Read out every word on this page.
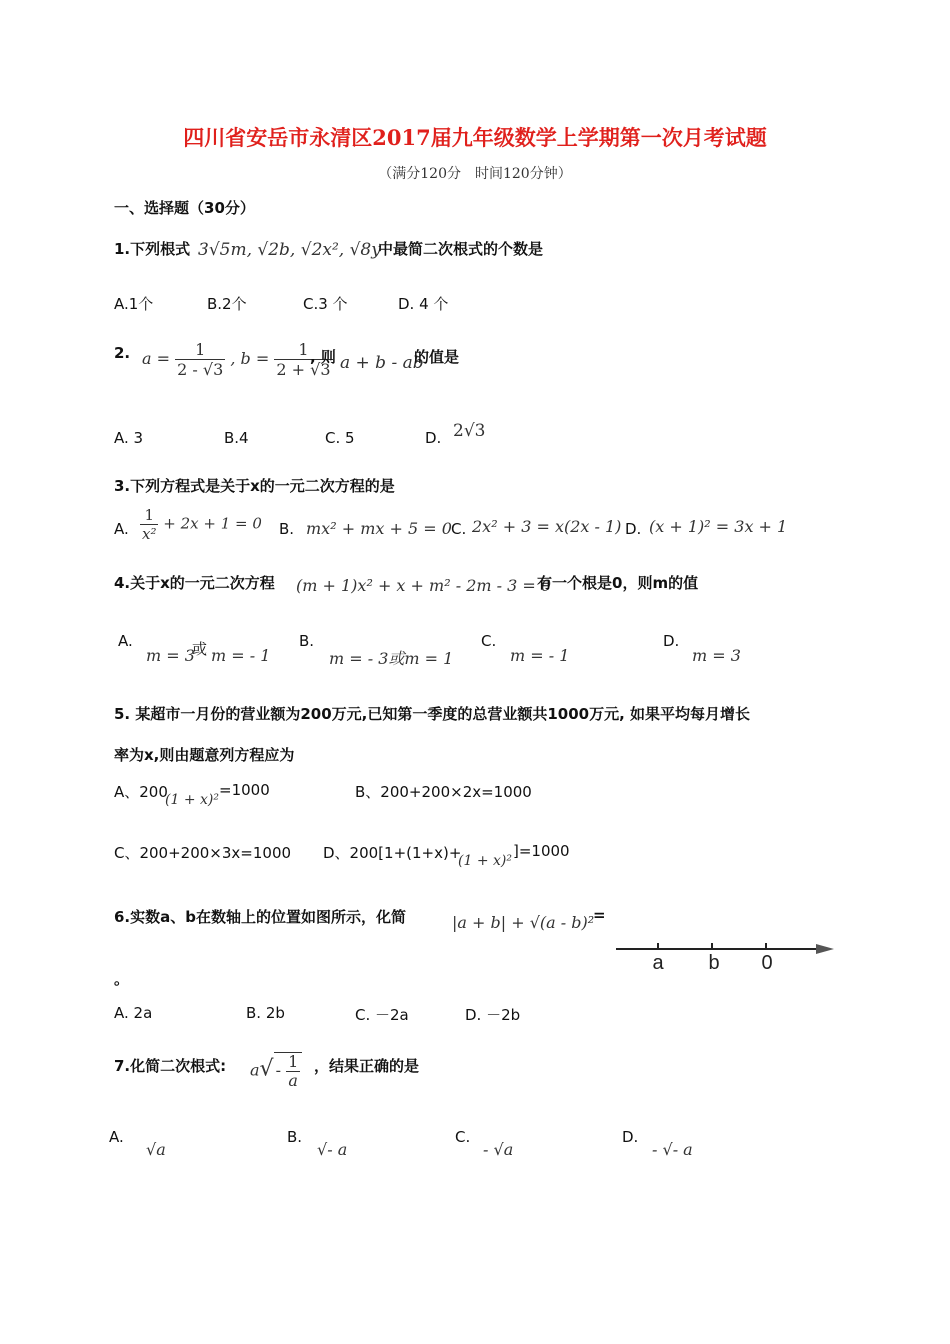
四川省安岳市永清区2017届九年级数学上学期第一次月考试题
（满分120分　时间120分钟）
一、选择题（30分）
1.下列根式 3√5m, √2b, √2x², √8y
中最简二次根式的个数是
A.1个	B.2个	C.3 个	D. 4 个
2. $a = \frac{1}{2 - √3}$ , $b = \frac{1}{2 + √3}$
, 则 a + b - ab
的值是
A. 3	B.4	C. 5	D. 2√3
3.下列方程式是关于x的一元二次方程的是
A. $\frac{1}{\text{x²}} + 2x + 1 = 0$ B. mx² + mx + 5 = 0 C. 2x² + 3 = x(2x - 1) D. (x + 1)² = 3x + 1
4.关于x的一元二次方程 (m + 1)x² + x + m² - 2m - 3 = 0
有一个根是0，则m的值
A.
m = 3
或 m = - 1
B.
m = - 3或m = 1
C.
m = - 1
D.
m = 3
5. 某超市一月份的营业额为200万元,已知第一季度的总营业额共1000万元, 如果平均每月增长
率为x,则由题意列方程应为
A、200
(1 + x)²
=1000	B、200+200×2x=1000
C、200+200×3x=1000 D、200[1+(1+x)+
(1 + x)²
]=1000
6.实数a、b在数轴上的位置如图所示，化简	|a + b| + √(a - b)²
=
。
a b 0
A. 2a	B. 2b	C. －2a	D. －2b
7.化简二次根式: $a√ - \frac{1}{a}$ ，结果正确的是
A.
√a
B.
√- a
C.
- √a
D.
- √- a
